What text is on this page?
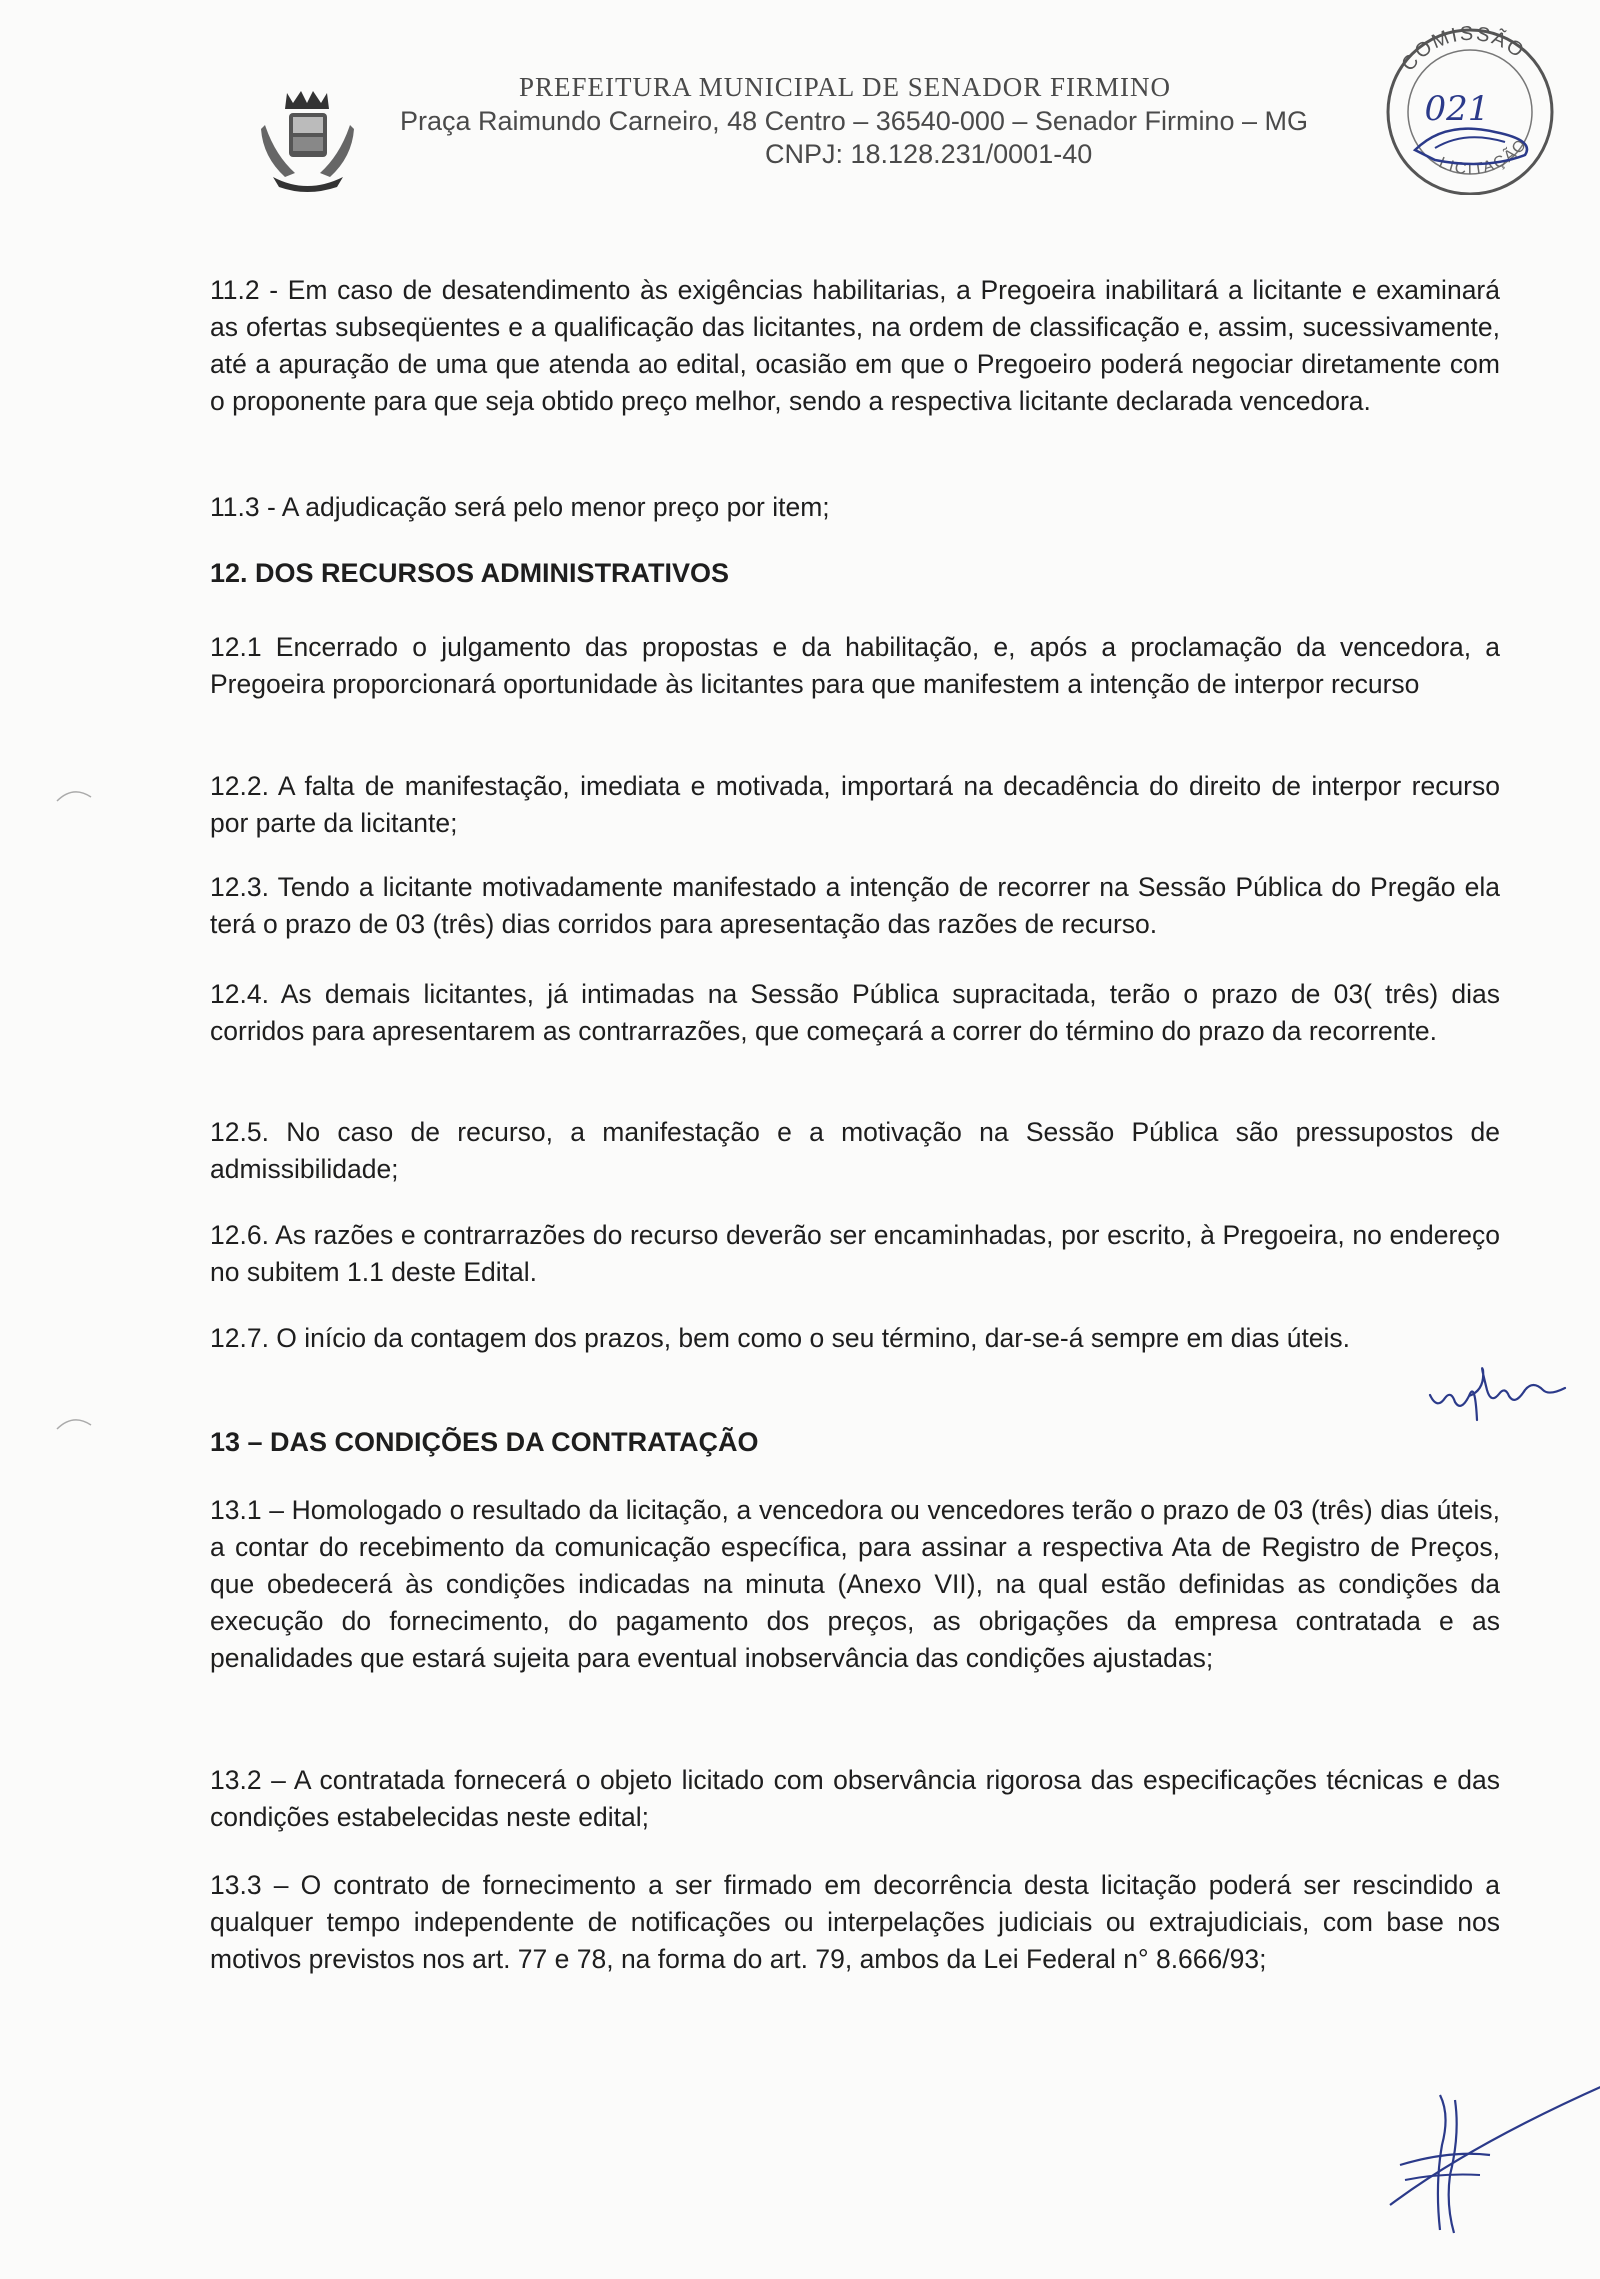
PREFEITURA MUNICIPAL DE SENADOR FIRMINO
Praça Raimundo Carneiro, 48 Centro – 36540-000 – Senador Firmino – MG
CNPJ: 18.128.231/0001-40
COMISSÃO
LICITAÇÃO
021
11.2 - Em caso de desatendimento às exigências habilitarias, a Pregoeira inabilitará a licitante e examinará as ofertas subseqüentes e a qualificação das licitantes, na ordem de classificação e, assim, sucessivamente, até a apuração de uma que atenda ao edital, ocasião em que o Pregoeiro poderá negociar diretamente com o proponente para que seja obtido preço melhor, sendo a respectiva licitante declarada vencedora.
11.3 - A adjudicação será pelo menor preço por item;
12. DOS RECURSOS ADMINISTRATIVOS
12.1 Encerrado o julgamento das propostas e da habilitação, e, após a proclamação da vencedora, a Pregoeira proporcionará oportunidade às licitantes para que manifestem a intenção de interpor recurso
12.2. A falta de manifestação, imediata e motivada, importará na decadência do direito de interpor recurso por parte da licitante;
12.3. Tendo a licitante motivadamente manifestado a intenção de recorrer na Sessão Pública do Pregão ela terá o prazo de 03 (três) dias corridos para apresentação das razões de recurso.
12.4. As demais licitantes, já intimadas na Sessão Pública supracitada, terão o prazo de 03( três) dias corridos para apresentarem as contrarrazões, que começará a correr do término do prazo da recorrente.
12.5. No caso de recurso, a manifestação e a motivação na Sessão Pública são pressupostos de admissibilidade;
12.6. As razões e contrarrazões do recurso deverão ser encaminhadas, por escrito, à Pregoeira, no endereço no subitem 1.1 deste Edital.
12.7. O início da contagem dos prazos, bem como o seu término, dar-se-á sempre em dias úteis.
13 – DAS CONDIÇÕES DA CONTRATAÇÃO
13.1 – Homologado o resultado da licitação, a vencedora ou vencedores terão o prazo de 03 (três) dias úteis, a contar do recebimento da comunicação específica, para assinar a respectiva Ata de Registro de Preços, que obedecerá às condições indicadas na minuta (Anexo VII), na qual estão definidas as condições da execução do fornecimento, do pagamento dos preços, as obrigações da empresa contratada e as penalidades que estará sujeita para eventual inobservância das condições ajustadas;
13.2 – A contratada fornecerá o objeto licitado com observância rigorosa das especificações técnicas e das condições estabelecidas neste edital;
13.3 – O contrato de fornecimento a ser firmado em decorrência desta licitação poderá ser rescindido a qualquer tempo independente de notificações ou interpelações judiciais ou extrajudiciais, com base nos motivos previstos nos art. 77 e 78, na forma do art. 79, ambos da Lei Federal n° 8.666/93;
